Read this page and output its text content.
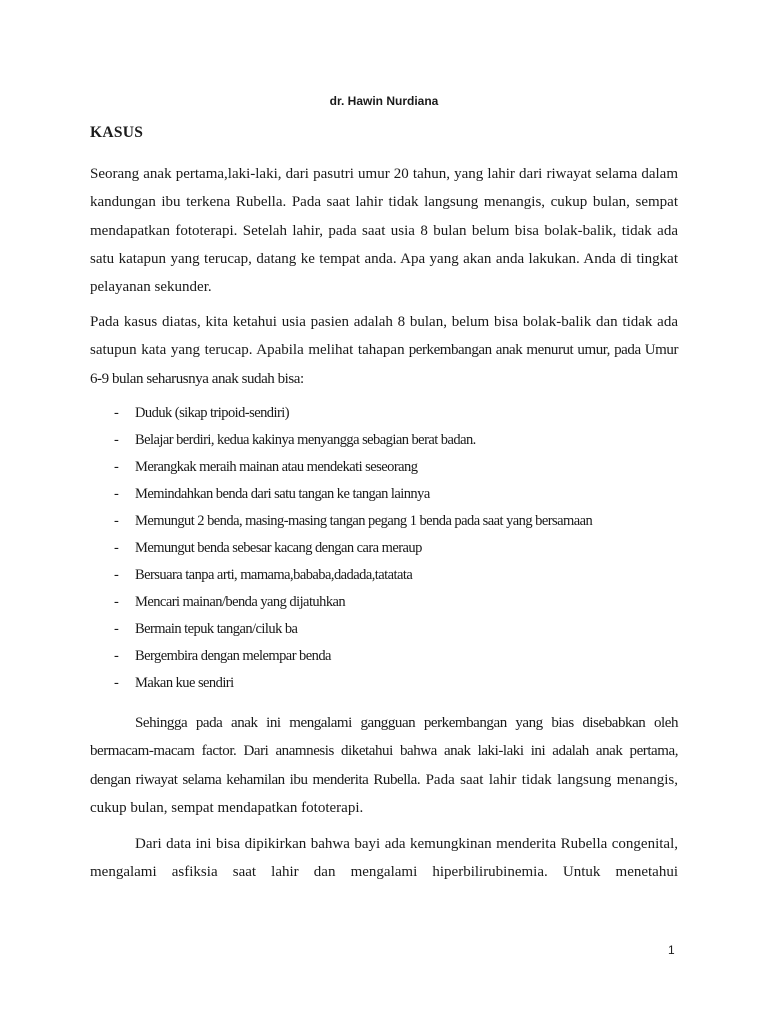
dr. Hawin Nurdiana
KASUS

Seorang anak pertama,laki-laki, dari pasutri umur 20 tahun, yang lahir dari riwayat selama dalam kandungan ibu terkena Rubella. Pada saat lahir tidak langsung menangis, cukup bulan, sempat mendapatkan fototerapi. Setelah lahir, pada saat usia 8 bulan belum bisa bolak-balik, tidak ada satu katapun yang terucap, datang ke tempat anda. Apa yang akan anda lakukan. Anda di tingkat pelayanan sekunder.

Pada kasus diatas, kita ketahui usia pasien adalah 8 bulan, belum bisa bolak-balik dan tidak ada satupun kata yang terucap. Apabila melihat tahapan perkembangan anak menurut umur, pada Umur 6-9 bulan seharusnya anak sudah bisa:

- Duduk (sikap tripoid-sendiri)
- Belajar berdiri, kedua kakinya menyangga sebagian berat badan.
- Merangkak meraih mainan atau mendekati seseorang
- Memindahkan benda dari satu tangan ke tangan lainnya
- Memungut 2 benda, masing-masing tangan pegang 1 benda pada saat yang bersamaan
- Memungut benda sebesar kacang dengan cara meraup
- Bersuara tanpa arti, mamama,bababa,dadada,tatatata
- Mencari mainan/benda yang dijatuhkan
- Bermain tepuk tangan/ciluk ba
- Bergembira dengan melempar benda
- Makan kue sendiri

Sehingga pada anak ini mengalami gangguan perkembangan yang bias disebabkan oleh bermacam-macam factor. Dari anamnesis diketahui bahwa anak laki-laki ini adalah anak pertama, dengan riwayat selama kehamilan ibu menderita Rubella. Pada saat lahir tidak langsung menangis, cukup bulan, sempat mendapatkan fototerapi.

Dari data ini bisa dipikirkan bahwa bayi ada kemungkinan menderita Rubella congenital, mengalami asfiksia saat lahir dan mengalami hiperbilirubinemia. Untuk menetahui

1
